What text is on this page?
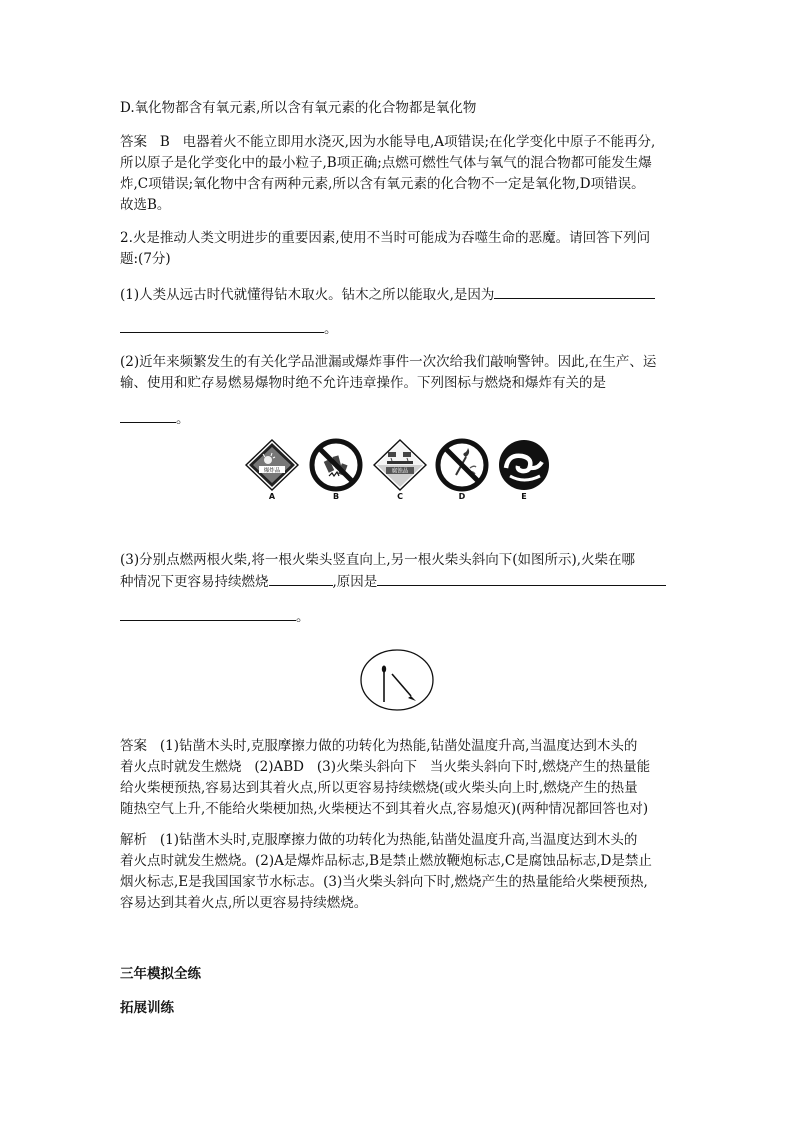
D.氧化物都含有氧元素,所以含有氧元素的化合物都是氧化物

答案 B 电器着火不能立即用水浇灭,因为水能导电,A项错误;在化学变化中原子不能再分,
所以原子是化学变化中的最小粒子,B项正确;点燃可燃性气体与氧气的混合物都可能发生爆
炸,C项错误;氧化物中含有两种元素,所以含有氧元素的化合物不一定是氧化物,D项错误。
故选B。
2.火是推动人类文明进步的重要因素,使用不当时可能成为吞噬生命的恶魔。请回答下列问
题:(7分)
(1)人类从远古时代就懂得钻木取火。钻木之所以能取火,是因为
。
(2)近年来频繁发生的有关化学品泄漏或爆炸事件一次次给我们敲响警钟。因此,在生产、运
输、使用和贮存易燃易爆物时绝不允许违章操作。下列图标与燃烧和爆炸有关的是
。
爆炸品
A	B
腐蚀品
C	D	E
(3)分别点燃两根火柴,将一根火柴头竖直向上,另一根火柴头斜向下(如图所示),火柴在哪
种情况下更容易持续燃烧	,原因是
。
答案 (1)钻凿木头时,克服摩擦力做的功转化为热能,钻凿处温度升高,当温度达到木头的
着火点时就发生燃烧   (2)ABD   (3)火柴头斜向下   当火柴头斜向下时,燃烧产生的热量能
给火柴梗预热,容易达到其着火点,所以更容易持续燃烧(或火柴头向上时,燃烧产生的热量
随热空气上升,不能给火柴梗加热,火柴梗达不到其着火点,容易熄灭)(两种情况都回答也对)
解析 (1)钻凿木头时,克服摩擦力做的功转化为热能,钻凿处温度升高,当温度达到木头的
着火点时就发生燃烧。(2)A是爆炸品标志,B是禁止燃放鞭炮标志,C是腐蚀品标志,D是禁止
烟火标志,E是我国国家节水标志。(3)当火柴头斜向下时,燃烧产生的热量能给火柴梗预热,
容易达到其着火点,所以更容易持续燃烧。
三年模拟全练
拓展训练
